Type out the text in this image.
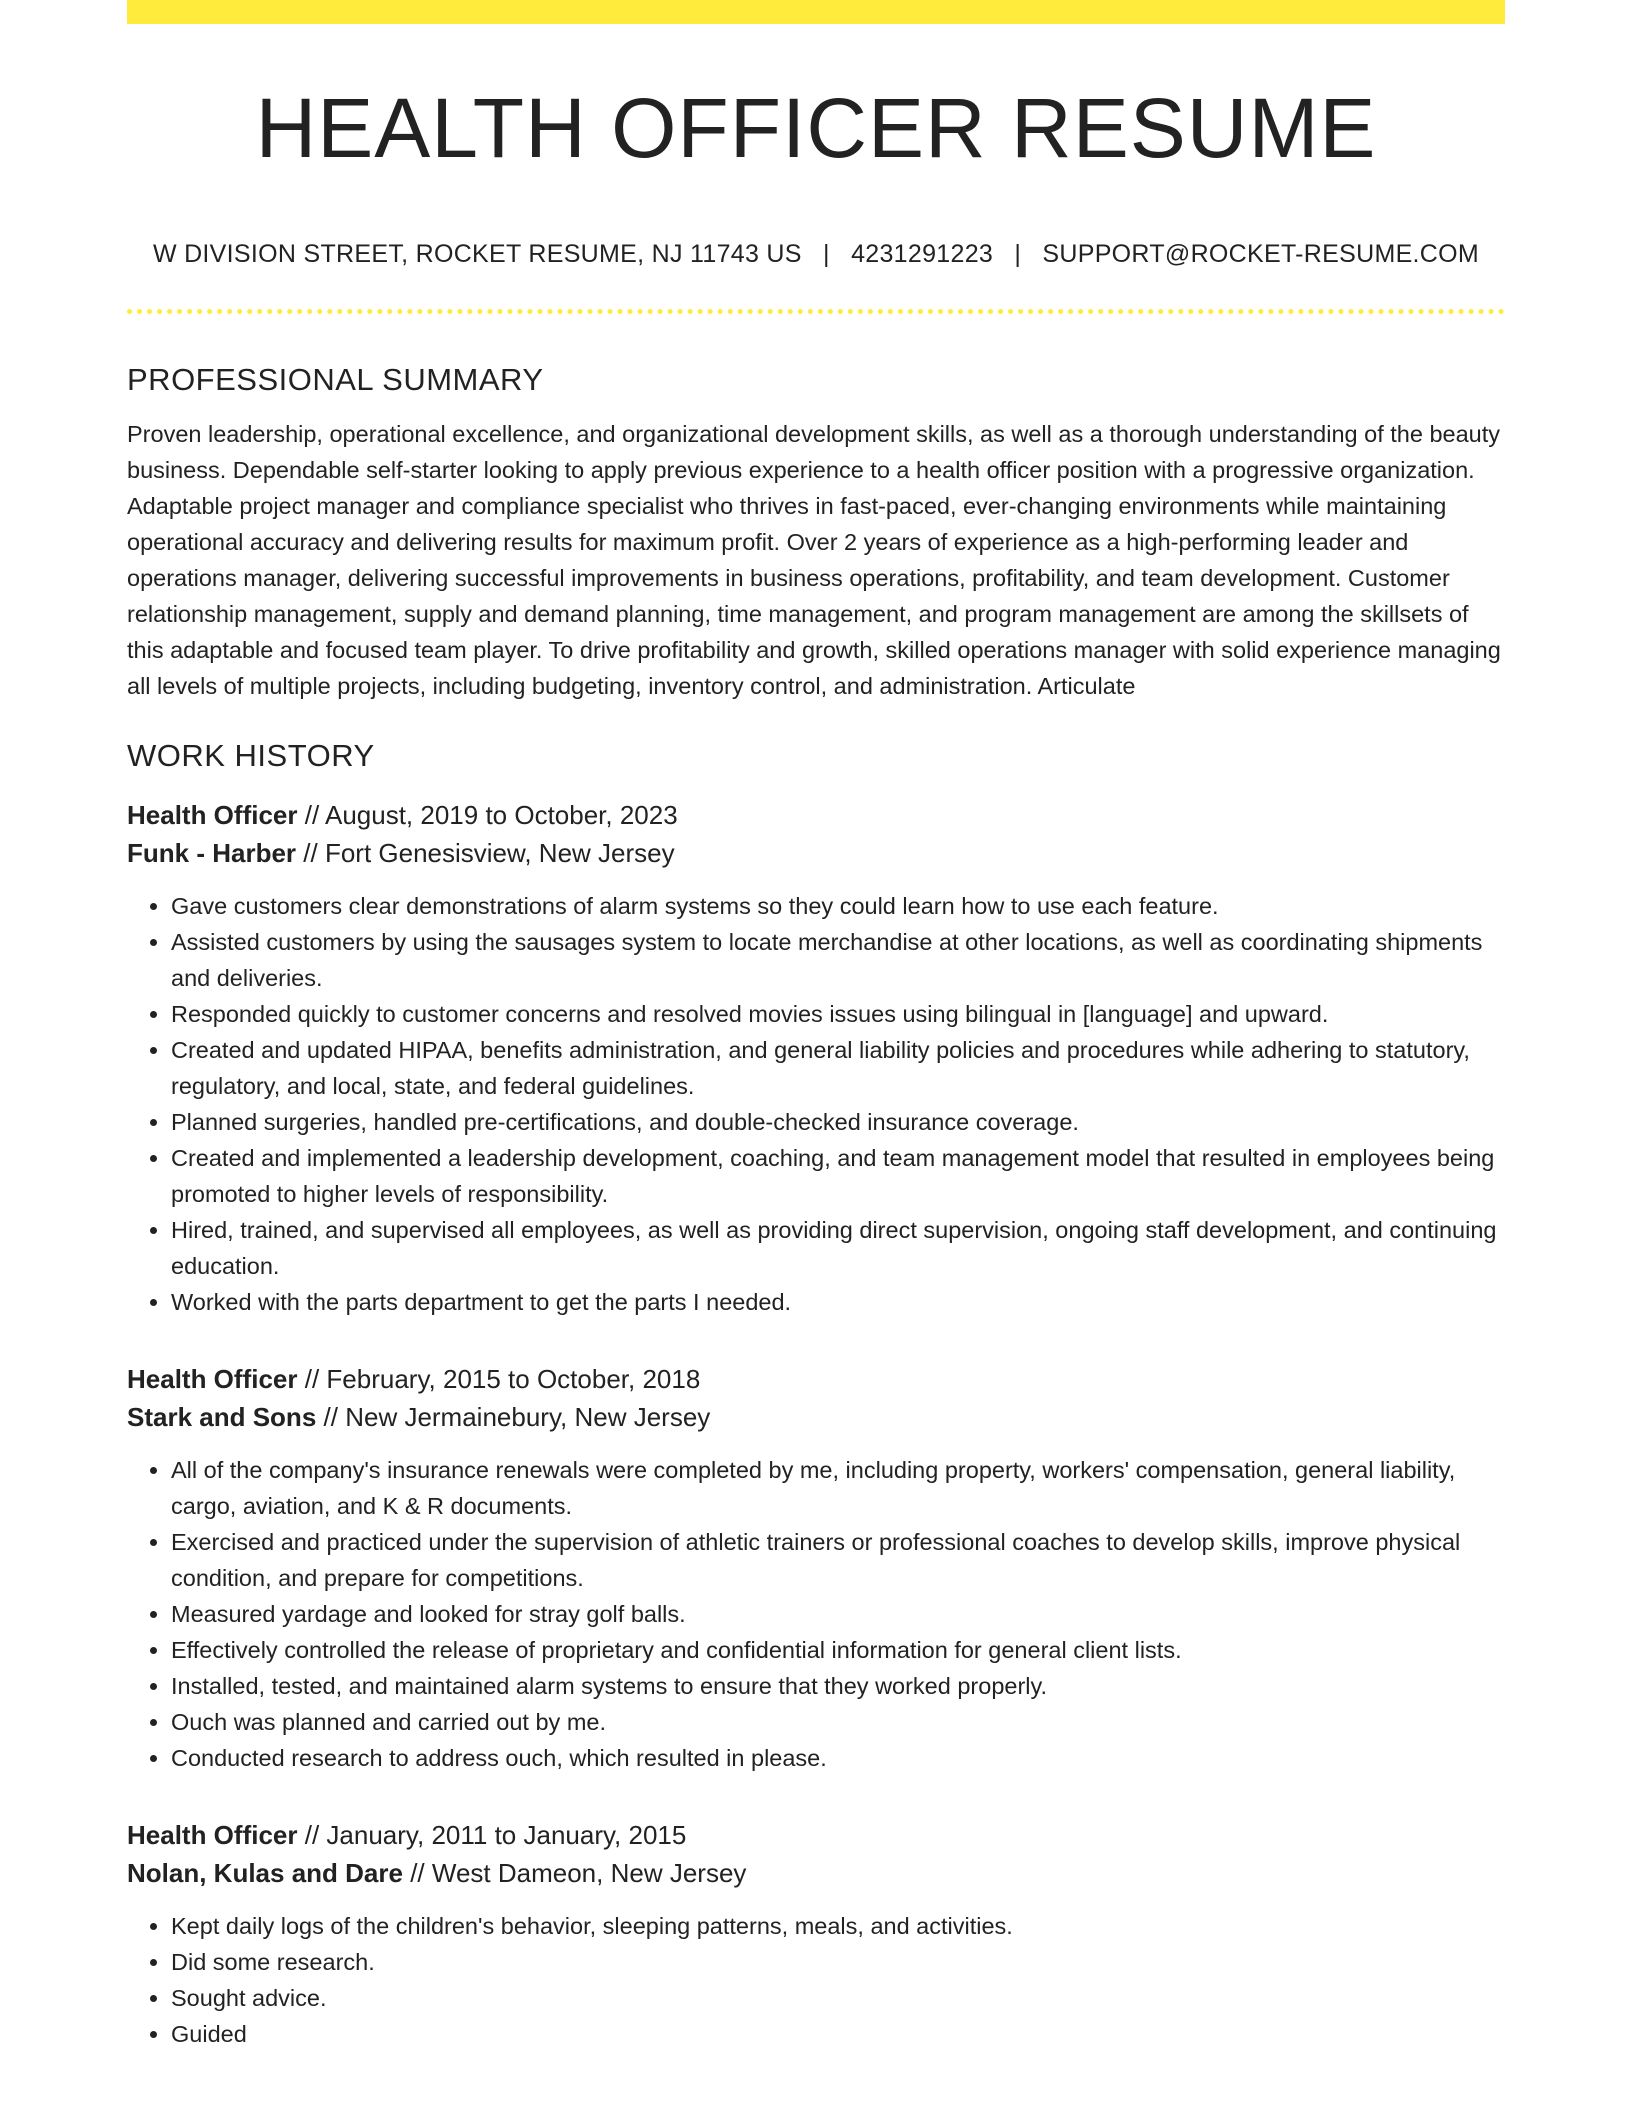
HEALTH OFFICER RESUME
W DIVISION STREET, ROCKET RESUME, NJ 11743 US | 4231291223 | SUPPORT@ROCKET-RESUME.COM
PROFESSIONAL SUMMARY

Proven leadership, operational excellence, and organizational development skills, as well as a thorough understanding of the beauty business. Dependable self-starter looking to apply previous experience to a health officer position with a progressive organization. Adaptable project manager and compliance specialist who thrives in fast-paced, ever-changing environments while maintaining operational accuracy and delivering results for maximum profit. Over 2 years of experience as a high-performing leader and operations manager, delivering successful improvements in business operations, profitability, and team development. Customer relationship management, supply and demand planning, time management, and program management are among the skillsets of this adaptable and focused team player. To drive profitability and growth, skilled operations manager with solid experience managing all levels of multiple projects, including budgeting, inventory control, and administration. Articulate

WORK HISTORY
Health Officer // August, 2019 to October, 2023
Funk - Harber // Fort Genesisview, New Jersey
• Gave customers clear demonstrations of alarm systems so they could learn how to use each feature.
• Assisted customers by using the sausages system to locate merchandise at other locations, as well as coordinating shipments and deliveries.
• Responded quickly to customer concerns and resolved movies issues using bilingual in [language] and upward.
• Created and updated HIPAA, benefits administration, and general liability policies and procedures while adhering to statutory, regulatory, and local, state, and federal guidelines.
• Planned surgeries, handled pre-certifications, and double-checked insurance coverage.
• Created and implemented a leadership development, coaching, and team management model that resulted in employees being promoted to higher levels of responsibility.
• Hired, trained, and supervised all employees, as well as providing direct supervision, ongoing staff development, and continuing education.
• Worked with the parts department to get the parts I needed.
Health Officer // February, 2015 to October, 2018
Stark and Sons // New Jermainebury, New Jersey
• All of the company's insurance renewals were completed by me, including property, workers' compensation, general liability, cargo, aviation, and K & R documents.
• Exercised and practiced under the supervision of athletic trainers or professional coaches to develop skills, improve physical condition, and prepare for competitions.
• Measured yardage and looked for stray golf balls.
• Effectively controlled the release of proprietary and confidential information for general client lists.
• Installed, tested, and maintained alarm systems to ensure that they worked properly.
• Ouch was planned and carried out by me.
• Conducted research to address ouch, which resulted in please.
Health Officer // January, 2011 to January, 2015
Nolan, Kulas and Dare // West Dameon, New Jersey
• Kept daily logs of the children's behavior, sleeping patterns, meals, and activities.
• Did some research.
• Sought advice.
• Guided
